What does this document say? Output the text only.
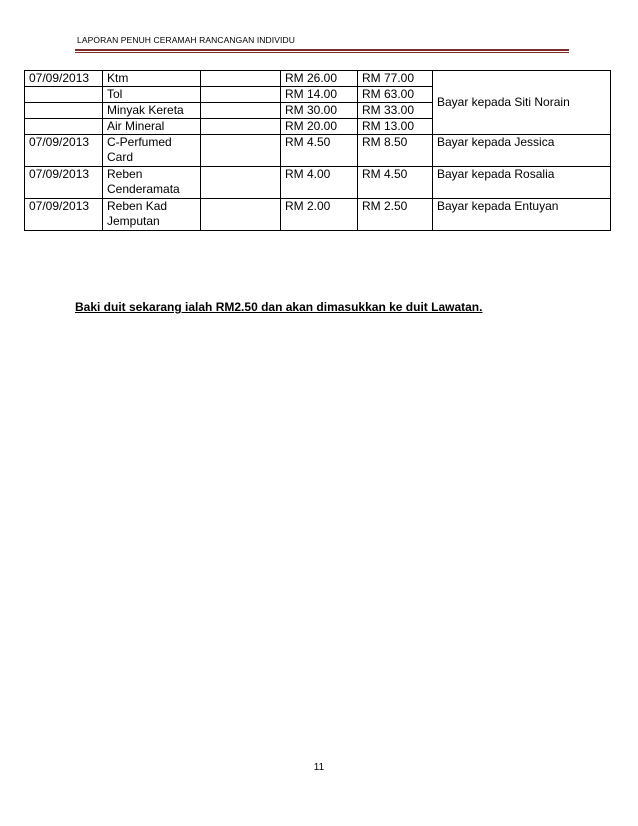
LAPORAN PENUH CERAMAH RANCANGAN INDIVIDU
07/09/2013	Ktm		RM 26.00	RM 77.00	Bayar kepada Siti Norain
	Tol		RM 14.00	RM 63.00	
	Minyak Kereta		RM 30.00	RM 33.00	
	Air Mineral		RM 20.00	RM 13.00	
07/09/2013	C-Perfumed Card		RM 4.50	RM 8.50	Bayar kepada Jessica
07/09/2013	Reben Cenderamata		RM 4.00	RM 4.50	Bayar kepada Rosalia
07/09/2013	Reben Kad Jemputan		RM 2.00	RM 2.50	Bayar kepada Entuyan
Baki duit sekarang ialah RM2.50 dan akan dimasukkan ke duit Lawatan.
11
